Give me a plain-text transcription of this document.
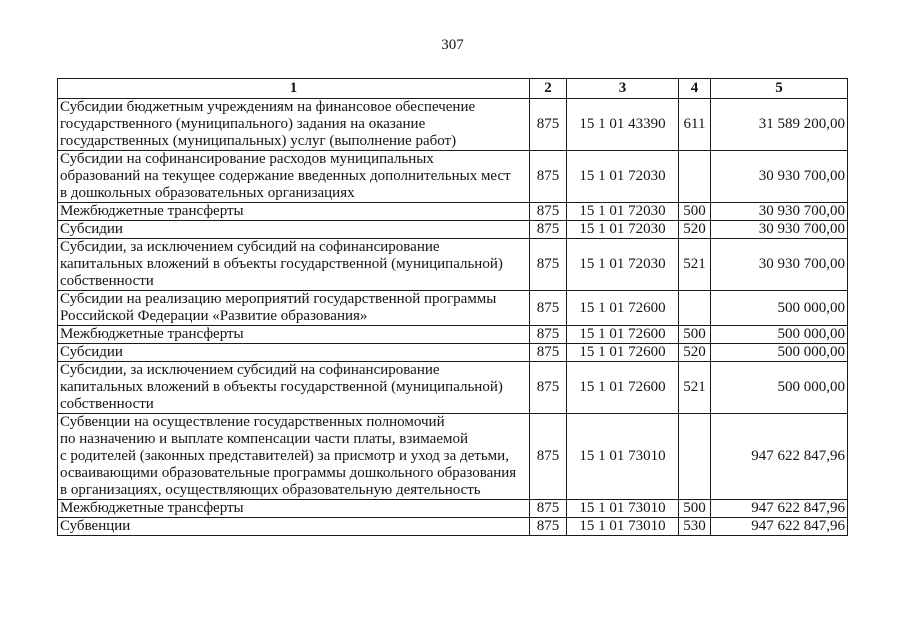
307
1	2	3	4	5

Субсидии бюджетным учреждениям на финансовое обеспечение
государственного (муниципального) задания на оказание
государственных (муниципальных) услуг (выполнение работ)	875	15 1 01 43390	611	31 589 200,00

Субсидии на софинансирование расходов муниципальных
образований на текущее содержание введенных дополнительных мест
в дошкольных образовательных организациях	875	15 1 01 72030		30 930 700,00

Межбюджетные трансферты	875	15 1 01 72030	500	30 930 700,00

Субсидии	875	15 1 01 72030	520	30 930 700,00

Субсидии, за исключением субсидий на софинансирование
капитальных вложений в объекты государственной (муниципальной)
собственности	875	15 1 01 72030	521	30 930 700,00

Субсидии на реализацию мероприятий государственной программы
Российской Федерации «Развитие образования»	875	15 1 01 72600		500 000,00

Межбюджетные трансферты	875	15 1 01 72600	500	500 000,00

Субсидии	875	15 1 01 72600	520	500 000,00

Субсидии, за исключением субсидий на софинансирование
капитальных вложений в объекты государственной (муниципальной)
собственности	875	15 1 01 72600	521	500 000,00

Субвенции на осуществление государственных полномочий
по назначению и выплате компенсации части платы, взимаемой
с родителей (законных представителей) за присмотр и уход за детьми,
осваивающими образовательные программы дошкольного образования
в организациях, осуществляющих образовательную деятельность	875	15 1 01 73010		947 622 847,96

Межбюджетные трансферты	875	15 1 01 73010	500	947 622 847,96

Субвенции	875	15 1 01 73010	530	947 622 847,96
